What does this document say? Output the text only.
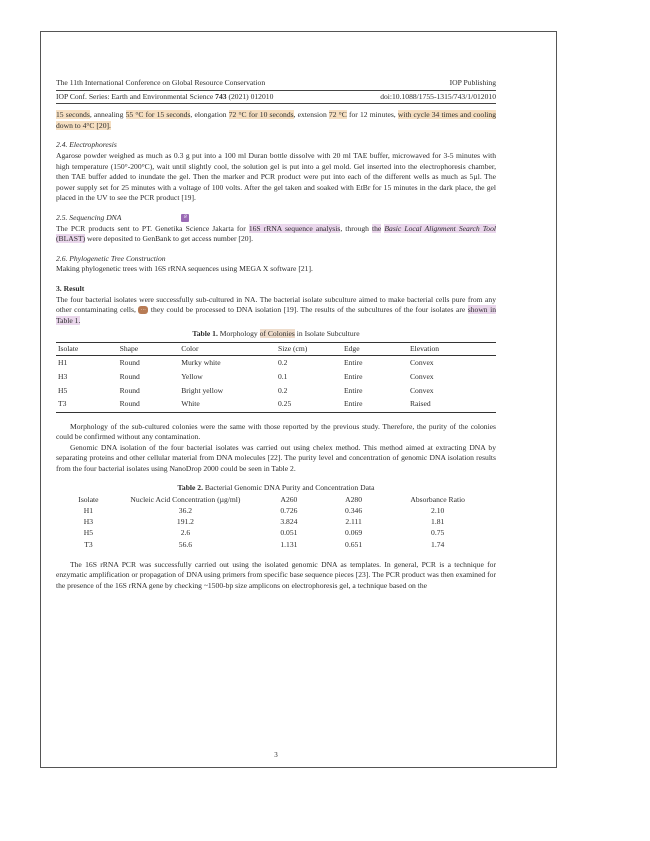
The 11th International Conference on Global Resource Conservation	IOP Publishing
IOP Conf. Series: Earth and Environmental Science 743 (2021) 012010	doi:10.1088/1755-1315/743/1/012010

15 seconds, annealing 55 °C for 15 seconds, elongation 72 °C for 10 seconds, extension 72 °C for 12 minutes, with cycle 34 times and cooling down to 4°C [20].

2.4. Electrophoresis

Agarose powder weighed as much as 0.3 g put into a 100 ml Duran bottle dissolve with 20 ml TAE buffer, microwaved for 3-5 minutes with high temperature (150°-200°C), wait until slightly cool, the solution gel is put into a gel mold. Gel inserted into the electrophoresis chamber, then TAE buffer added to inundate the gel. Then the marker and PCR product were put into each of the different wells as much as 5µl. The power supply set for 25 minutes with a voltage of 100 volts. After the gel taken and soaked with EtBr for 15 minutes in the dark place, the gel placed in the UV to see the PCR product [19].

2.5. Sequencing DNA	8

The PCR products sent to PT. Genetika Science Jakarta for 16S rRNA sequence analysis, through the Basic Local Alignment Search Tool (BLAST) were deposited to GenBank to get access number [20].

2.6. Phylogenetic Tree Construction

Making phylogenetic trees with 16S rRNA sequences using MEGA X software [21].

3. Result

The four bacterial isolates were successfully sub-cultured in NA. The bacterial isolate subculture aimed to make bacterial cells pure from any other contaminating cells, … they could be processed to DNA isolation [19]. The results of the subcultures of the four isolates are shown in Table 1.

Table 1. Morphology of Colonies in Isolate Subculture
Isolate	Shape	Color	Size (cm)	Edge	Elevation
H1	Round	Murky white	0.2	Entire	Convex
H3	Round	Yellow	0.1	Entire	Convex
H5	Round	Bright yellow	0.2	Entire	Convex
T3	Round	White	0.25	Entire	Raised

Morphology of the sub-cultured colonies were the same with those reported by the previous study. Therefore, the purity of the colonies could be confirmed without any contamination.

Genomic DNA isolation of the four bacterial isolates was carried out using chelex method. This method aimed at extracting DNA by separating proteins and other cellular material from DNA molecules [22]. The purity level and concentration of genomic DNA isolation results from the four bacterial isolates using NanoDrop 2000 could be seen in Table 2.

Table 2. Bacterial Genomic DNA Purity and Concentration Data
Isolate	Nucleic Acid Concentration (µg/ml)	A260	A280	Absorbance Ratio
H1	36.2	0.726	0.346	2.10
H3	191.2	3.824	2.111	1.81
H5	2.6	0.051	0.069	0.75
T3	56.6	1.131	0.651	1.74

The 16S rRNA PCR was successfully carried out using the isolated genomic DNA as templates. In general, PCR is a technique for enzymatic amplification or propagation of DNA using primers from specific base sequence pieces [23]. The PCR product was then examined for the presence of the 16S rRNA gene by checking ~1500-bp size amplicons on electrophoresis gel, a technique based on the

3
